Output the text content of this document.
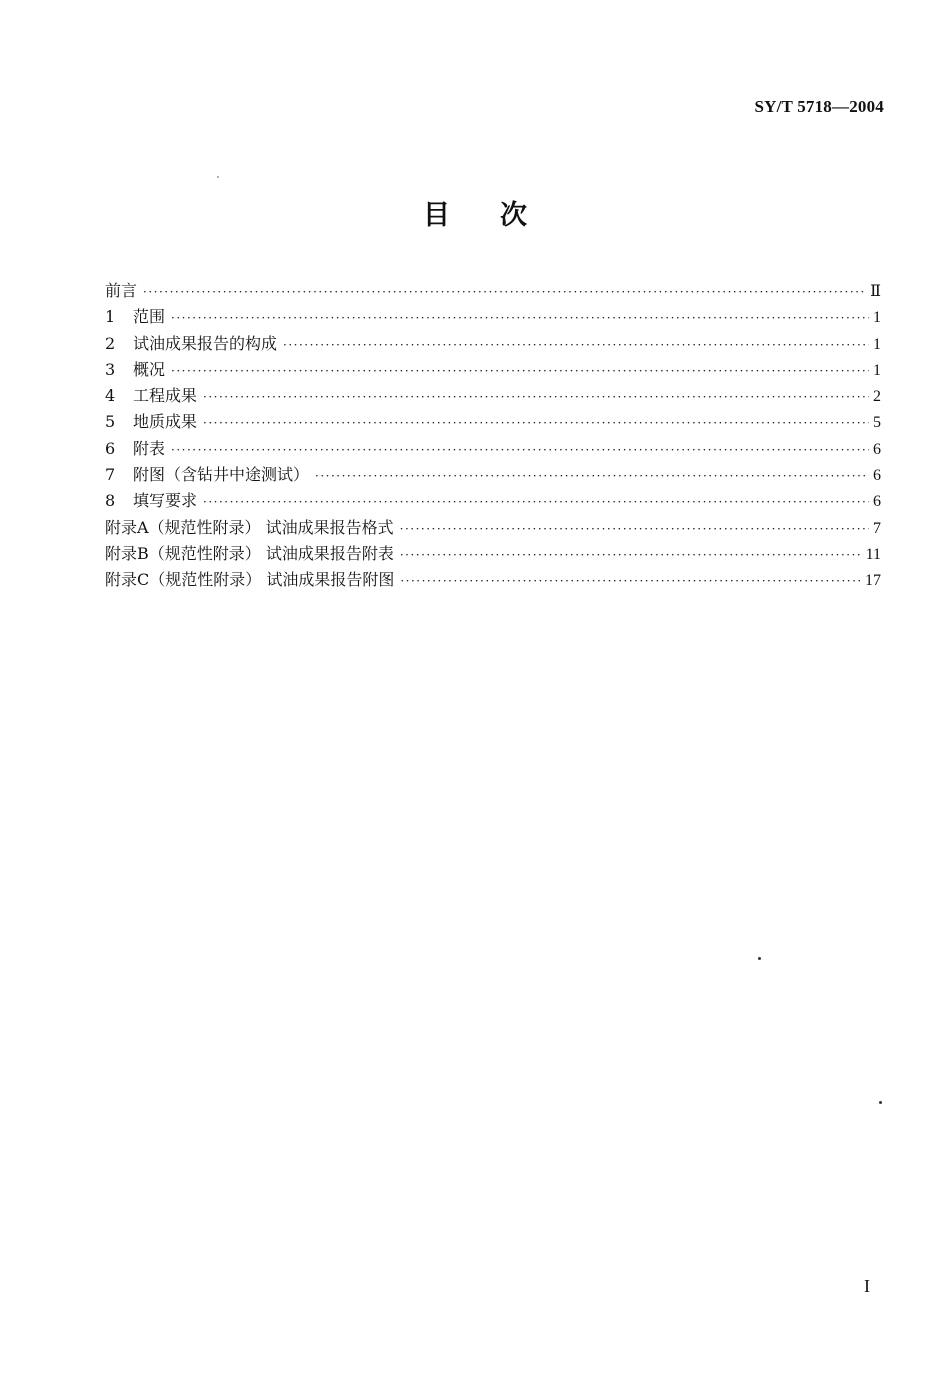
SY/T 5718—2004
目 次
前言 ·····	Ⅱ
1	范围 ·····	1
2	试油成果报告的构成 ·····	1
3	概况 ·····	1
4	工程成果 ·····	2
5	地质成果 ·····	5
6	附表 ·····	6
7	附图（含钻井中途测试） ·····	6
8	填写要求 ·····	6
附录A（规范性附录） 试油成果报告格式 ·····	7
附录B（规范性附录） 试油成果报告附表 ·····	11
附录C（规范性附录） 试油成果报告附图 ·····	17
I
